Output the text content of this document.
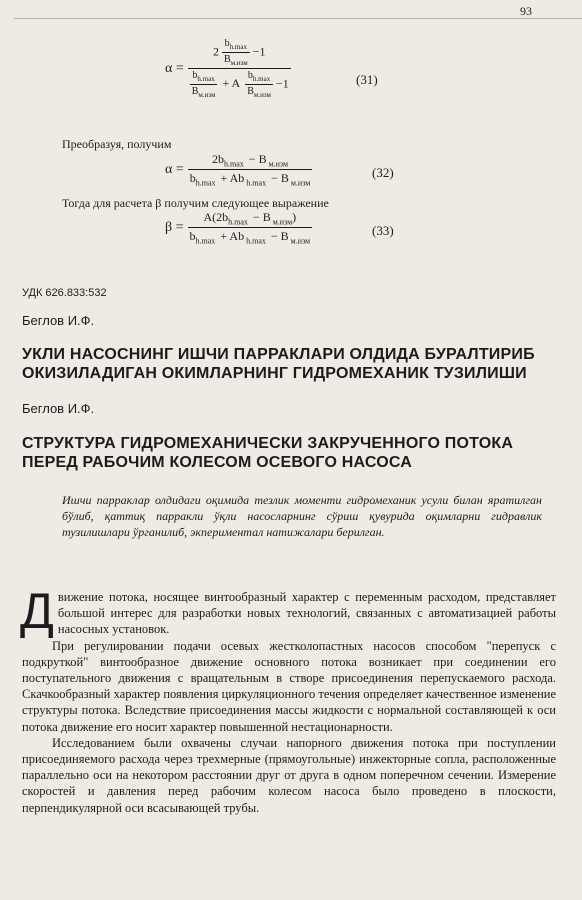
93
α =
$2 \frac{b_{h.max}}{B_{м.изм}} -1$
$\frac{b_{h.max}}{B_{м.изм}} + A \frac{b_{h.max}}{B_{м.изм}} -1$	(31)
Преобразуя, получим
$\alpha = \frac{2b_{h.max} - B _{м.изм}}{b_{h.max} + Ab _{h.max} - B _{м.изм}}$	(32)
Тогда для расчета β получим следующее выражение
$\beta = \frac{A(2b_{h.max} - B _{м.изм})}{b_{h.max} + Ab _{h.max} - B _{м.изм}}$	(33)
УДК 626.833:532
Беглов И.Ф.
УКЛИ НАСОСНИНГ ИШЧИ ПАРРАКЛАРИ ОЛДИДА БУРАЛТИРИБ
ОКИЗИЛАДИГАН ОКИМЛАРНИНГ ГИДРОМЕХАНИК ТУЗИЛИШИ
Беглов И.Ф.
СТРУКТУРА ГИДРОМЕХАНИЧЕСКИ ЗАКРУЧЕННОГО ПОТОКА
ПЕРЕД РАБОЧИМ КОЛЕСОМ ОСЕВОГО НАСОСА
Ишчи парраклар олдидаги оқимида тезлик моменти гидромеханик усули билан яратилган бўлиб, қаттиқ парракли ўқли насосларнинг сўриш қувурида оқимларни гидравлик тузилишлари ўрганилиб, экпериментал натижалари берилган.

Движение потока, носящее винтообразный характер с переменным расходом, представляет большой интерес для разработки новых технологий, связанных с автоматизацией работы насосных установок.

При регулировании подачи осевых жестколопастных насосов способом "перепуск с подкруткой" винтообразное движение основного потока возникает при соединении его поступательного движения с вращательным в створе присоединения перепускаемого расхода. Скачкообразный характер появления циркуляционного течения определяет качественное изменение структуры потока. Вследствие присоединения массы жидкости с нормальной составляющей к оси потока движение его носит характер повышенной нестационарности.

Исследованием были охвачены случаи напорного движения потока при поступлении присоединяемого расхода через трехмерные (прямоугольные) инжекторные сопла, расположенные параллельно оси на некотором расстоянии друг от друга в одном поперечном сечении. Измерение скоростей и давления перед рабочим колесом насоса было проведено в плоскости, перпендикулярной оси всасывающей трубы.
